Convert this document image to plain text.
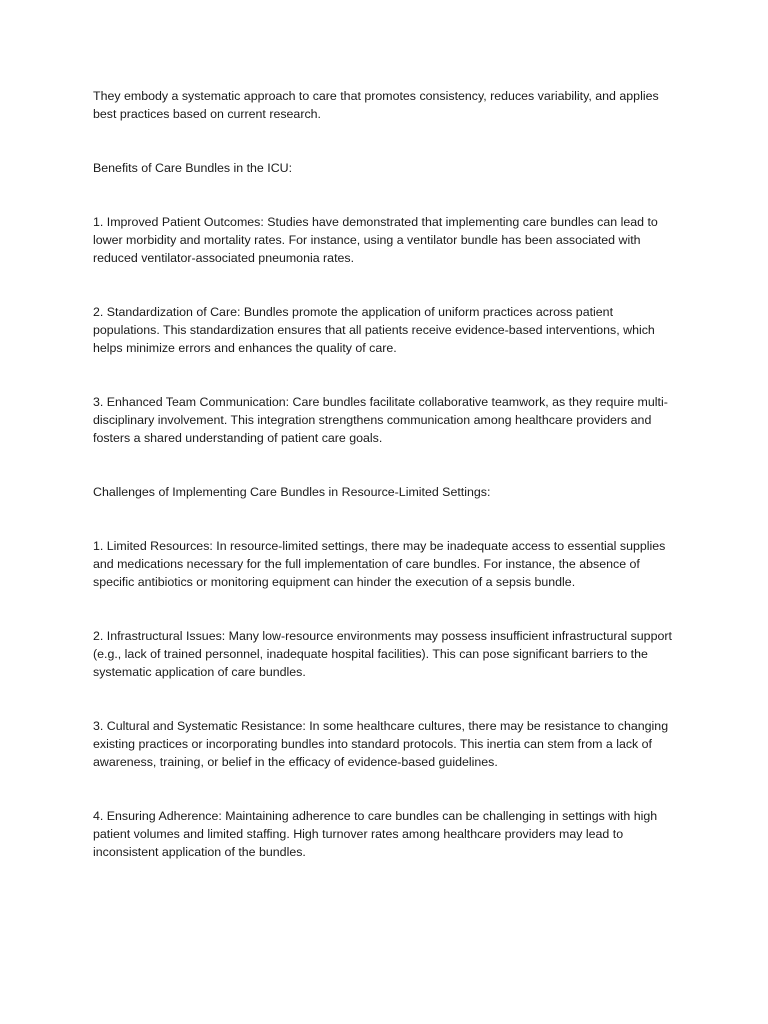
They embody a systematic approach to care that promotes consistency, reduces variability, and applies best practices based on current research.

Benefits of Care Bundles in the ICU:

1. Improved Patient Outcomes: Studies have demonstrated that implementing care bundles can lead to lower morbidity and mortality rates. For instance, using a ventilator bundle has been associated with reduced ventilator-associated pneumonia rates.

2. Standardization of Care: Bundles promote the application of uniform practices across patient populations. This standardization ensures that all patients receive evidence-based interventions, which helps minimize errors and enhances the quality of care.

3. Enhanced Team Communication: Care bundles facilitate collaborative teamwork, as they require multi-disciplinary involvement. This integration strengthens communication among healthcare providers and fosters a shared understanding of patient care goals.

Challenges of Implementing Care Bundles in Resource-Limited Settings:

1. Limited Resources: In resource-limited settings, there may be inadequate access to essential supplies and medications necessary for the full implementation of care bundles. For instance, the absence of specific antibiotics or monitoring equipment can hinder the execution of a sepsis bundle.

2. Infrastructural Issues: Many low-resource environments may possess insufficient infrastructural support (e.g., lack of trained personnel, inadequate hospital facilities). This can pose significant barriers to the systematic application of care bundles.

3. Cultural and Systematic Resistance: In some healthcare cultures, there may be resistance to changing existing practices or incorporating bundles into standard protocols. This inertia can stem from a lack of awareness, training, or belief in the efficacy of evidence-based guidelines.

4. Ensuring Adherence: Maintaining adherence to care bundles can be challenging in settings with high patient volumes and limited staffing. High turnover rates among healthcare providers may lead to inconsistent application of the bundles.
